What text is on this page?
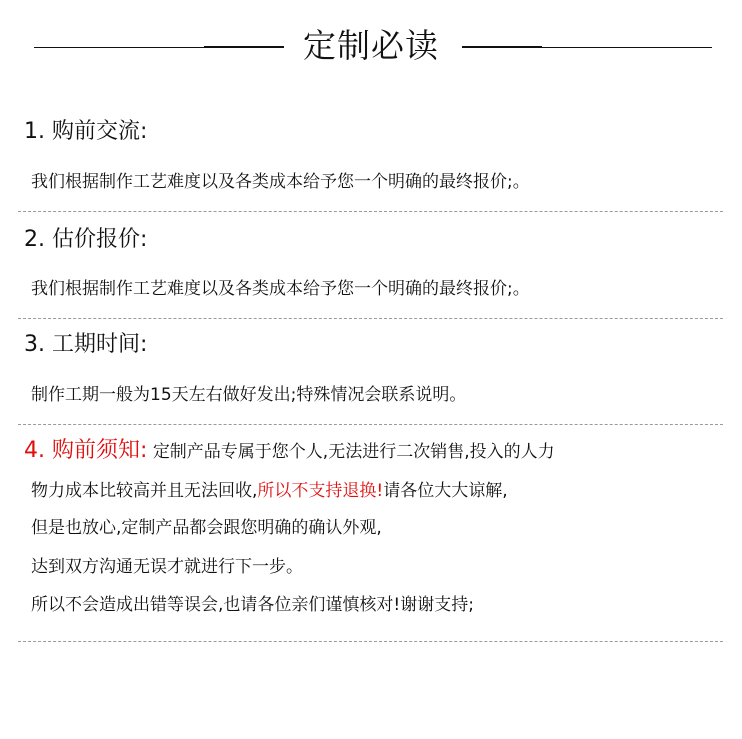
定制必读
1. 购前交流:
我们根据制作工艺难度以及各类成本给予您一个明确的最终报价;。
2. 估价报价:
我们根据制作工艺难度以及各类成本给予您一个明确的最终报价;。
3. 工期时间:
制作工期一般为15天左右做好发出;特殊情况会联系说明。
4. 购前须知: 定制产品专属于您个人,无法进行二次销售,投入的人力
物力成本比较高并且无法回收,所以不支持退换!请各位大大谅解,
但是也放心,定制产品都会跟您明确的确认外观,
达到双方沟通无误才就进行下一步。
所以不会造成出错等误会,也请各位亲们谨慎核对!谢谢支持;
